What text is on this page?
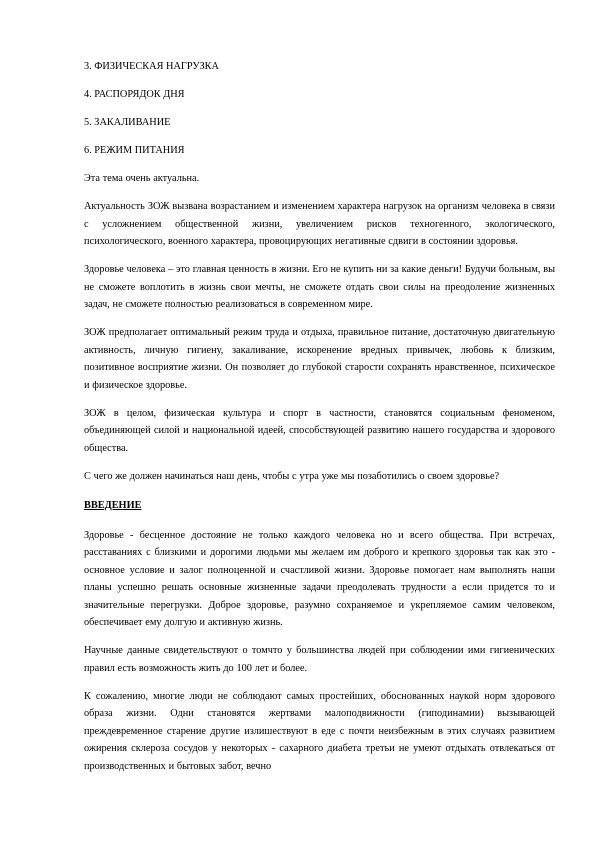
3. ФИЗИЧЕСКАЯ НАГРУЗКА
4. РАСПОРЯДОК ДНЯ
5. ЗАКАЛИВАНИЕ
6. РЕЖИМ ПИТАНИЯ
Эта тема очень актуальна.
Актуальность ЗОЖ вызвана возрастанием и изменением характера нагрузок на организм человека в связи с усложнением общественной жизни, увеличением рисков техногенного, экологического, психологического, военного характера, провоцирующих негативные сдвиги в состоянии здоровья.
Здоровье человека – это главная ценность в жизни. Его не купить ни за какие деньги! Будучи больным, вы не сможете воплотить в жизнь свои мечты, не сможете отдать свои силы на преодоление жизненных задач, не сможете полностью реализоваться в современном мире.
ЗОЖ предполагает оптимальный режим труда и отдыха, правильное питание, достаточную двигательную активность, личную гигиену, закаливание, искоренение вредных привычек, любовь к близким, позитивное восприятие жизни. Он позволяет до глубокой старости сохранять нравственное, психическое и физическое здоровье.
ЗОЖ в целом, физическая культура и спорт в частности, становятся социальным феноменом, объединяющей силой и национальной идеей, способствующей развитию нашего государства и здорового общества.
С чего же должен начинаться наш день, чтобы с утра уже мы позаботились о своем здоровье?
ВВЕДЕНИЕ
Здоровье - бесценное достояние не только каждого человека но и всего общества. При встречах, расставаниях с близкими и дорогими людьми мы желаем им доброго и крепкого здоровья так как это - основное условие и залог полноценной и счастливой жизни. Здоровье помогает нам выполнять наши планы успешно решать основные жизненные задачи преодолевать трудности а если придется то и значительные перегрузки. Доброе здоровье, разумно сохраняемое и укрепляемое самим человеком, обеспечивает ему долгую и активную жизнь.
Научные данные свидетельствуют о томчто у большинства людей при соблюдении ими гигиенических правил есть возможность жить до 100 лет и более.
К сожалению, многие люди не соблюдают самых простейших, обоснованных наукой норм здорового образа жизни. Одни становятся жертвами малоподвижности (гиподинамии) вызывающей преждевременное старение другие излишествуют в еде с почти неизбежным в этих случаях развитием ожирения склероза сосудов у некоторых - сахарного диабета третьи не умеют отдыхать отвлекаться от производственных и бытовых забот, вечно
